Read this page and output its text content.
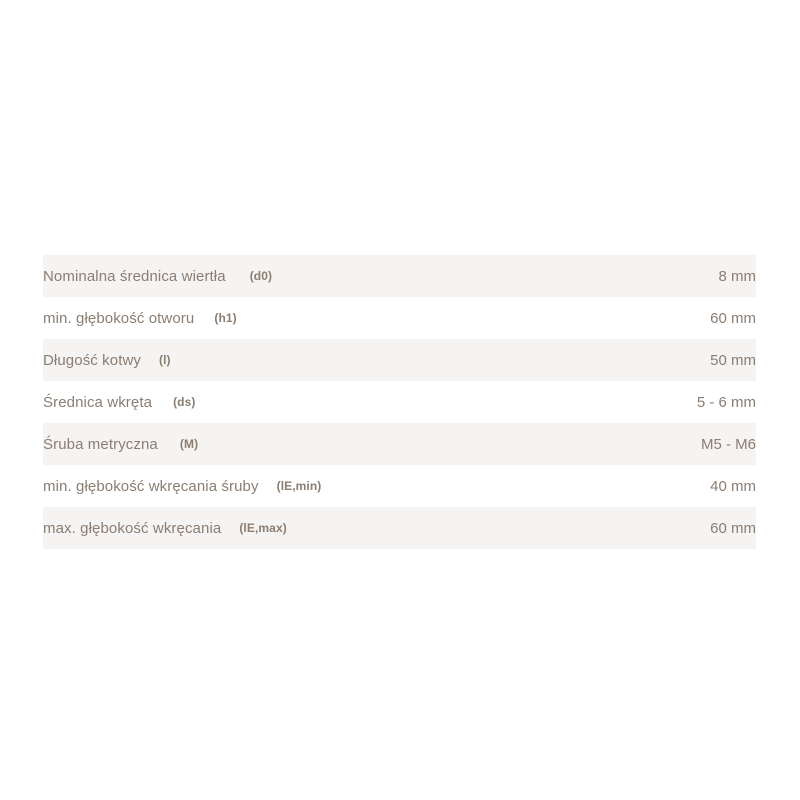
Nominalna średnica wiertła (d0)	8 mm
min. głębokość otworu (h1)	60 mm
Długość kotwy (l)	50 mm
Średnica wkręta (ds)	5 - 6 mm
Śruba metryczna (M)	M5 - M6
min. głębokość wkręcania śruby (lE,min)	40 mm
max. głębokość wkręcania (lE,max)	60 mm
